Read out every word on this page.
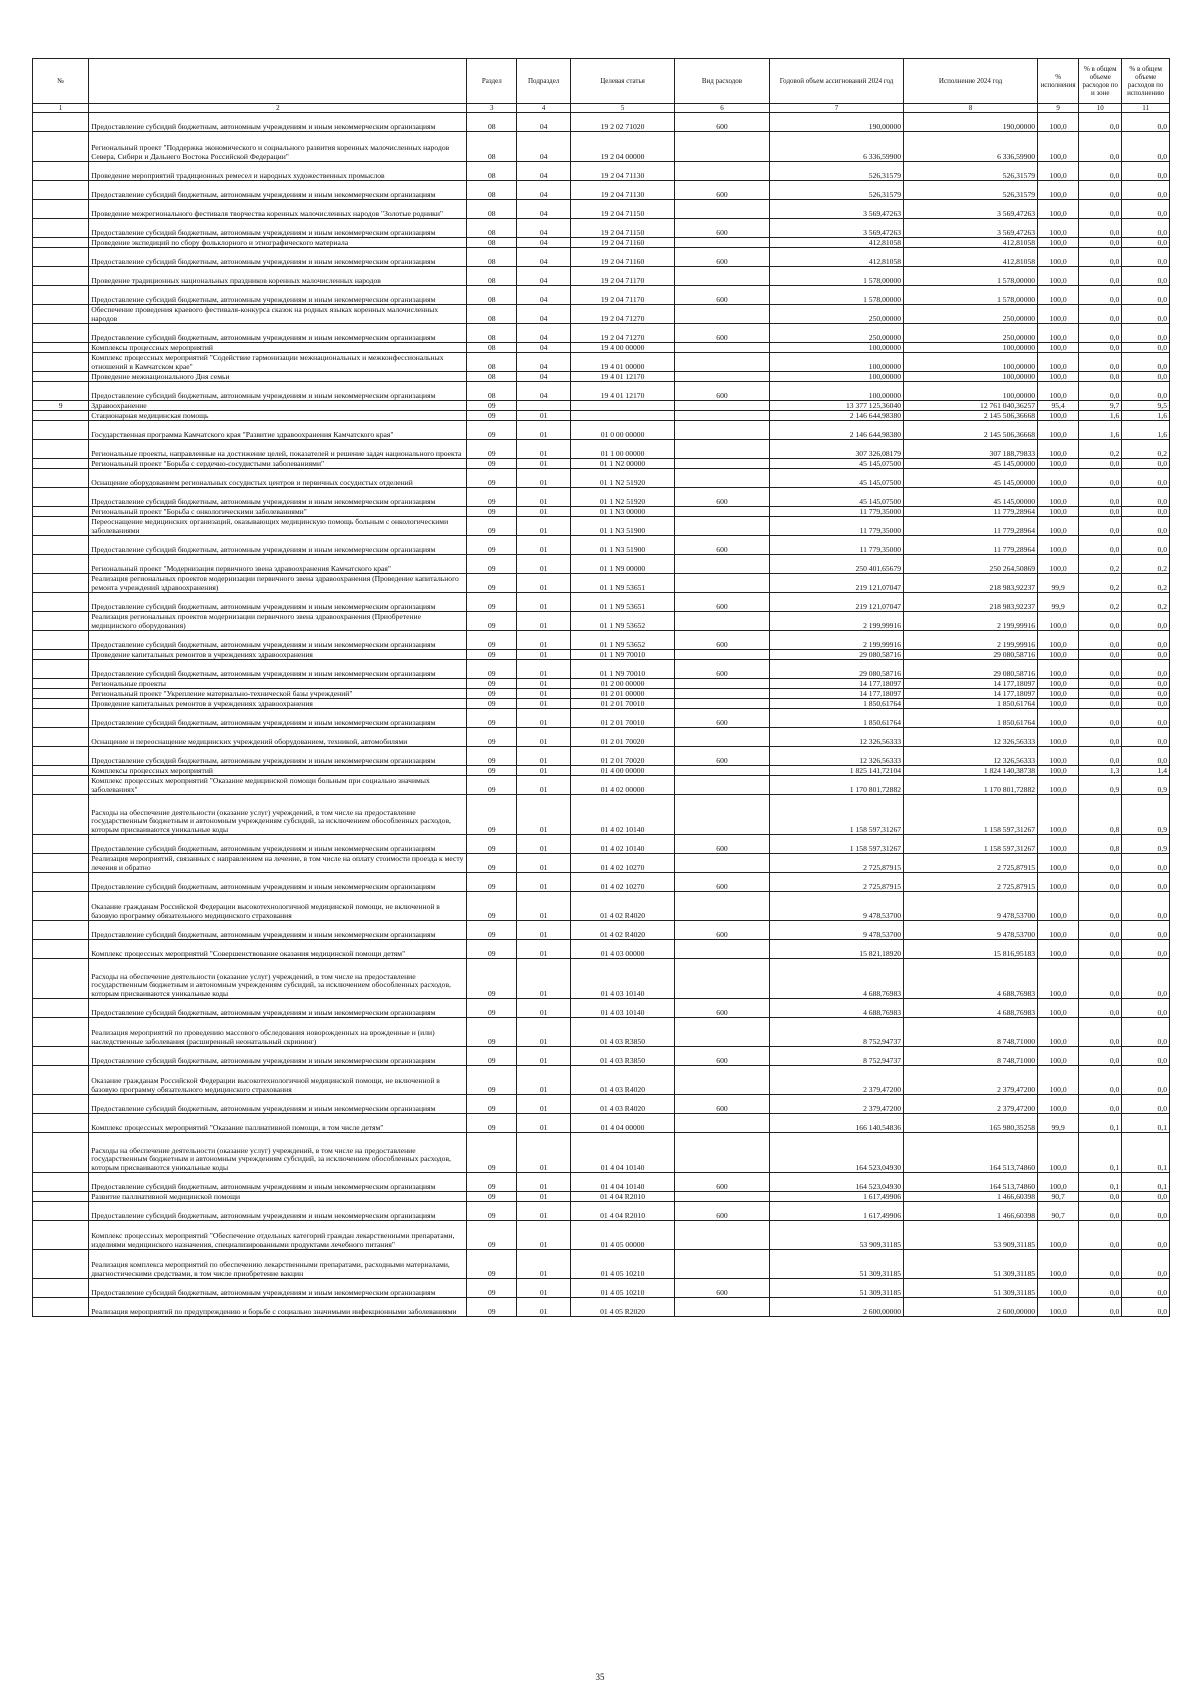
№		Раздел	Подраздел	Целевая статья	Вид расходов	Годовой объем ассигнований 2024 год	Исполнение 2024 год	% исполнения	% в общем объеме расходов по и зоне	% в общем объеме расходов по исполнению
1	2	3	4	5	6	7	8	9	10	11
	Предоставление субсидий бюджетным, автономным учреждениям и иным некоммерческим организациям	08	04	19 2 02 71020	600	190,00000	190,00000	100,0	0,0	0,0
	Региональный проект "Поддержка экономического и социального развития коренных малочисленных народов Севера, Сибири и Дальнего Востока Российской Федерации"	08	04	19 2 04 00000		6 336,59900	6 336,59900	100,0	0,0	0,0
	Проведение мероприятий традиционных ремесел и народных художественных промыслов	08	04	19 2 04 71130		526,31579	526,31579	100,0	0,0	0,0
	Предоставление субсидий бюджетным, автономным учреждениям и иным некоммерческим организациям	08	04	19 2 04 71130	600	526,31579	526,31579	100,0	0,0	0,0
	Проведение межрегионального фестиваля творчества коренных малочисленных народов "Золотые родники"	08	04	19 2 04 71150		3 569,47263	3 569,47263	100,0	0,0	0,0
	Предоставление субсидий бюджетным, автономным учреждениям и иным некоммерческим организациям	08	04	19 2 04 71150	600	3 569,47263	3 569,47263	100,0	0,0	0,0
	Проведение экспедиций по сбору фольклорного и этнографического материала	08	04	19 2 04 71160		412,81058	412,81058	100,0	0,0	0,0
	Предоставление субсидий бюджетным, автономным учреждениям и иным некоммерческим организациям	08	04	19 2 04 71160	600	412,81058	412,81058	100,0	0,0	0,0
	Проведение традиционных национальных праздников коренных малочисленных народов	08	04	19 2 04 71170		1 578,00000	1 578,00000	100,0	0,0	0,0
	Предоставление субсидий бюджетным, автономным учреждениям и иным некоммерческим организациям	08	04	19 2 04 71170	600	1 578,00000	1 578,00000	100,0	0,0	0,0
	Обеспечение проведения краевого фестиваля-конкурса сказок на родных языках коренных малочисленных народов	08	04	19 2 04 71270		250,00000	250,00000	100,0	0,0	0,0
	Предоставление субсидий бюджетным, автономным учреждениям и иным некоммерческим организациям	08	04	19 2 04 71270	600	250,00000	250,00000	100,0	0,0	0,0
	Комплексы процессных мероприятий	08	04	19 4 00 00000		100,00000	100,00000	100,0	0,0	0,0
	Комплекс процессных мероприятий "Содействие гармонизации межнациональных и межконфессиональных отношений в Камчатском крае"	08	04	19 4 01 00000		100,00000	100,00000	100,0	0,0	0,0
	Проведение межнационального Дня семьи	08	04	19 4 01 12170		100,00000	100,00000	100,0	0,0	0,0
	Предоставление субсидий бюджетным, автономным учреждениям и иным некоммерческим организациям	08	04	19 4 01 12170	600	100,00000	100,00000	100,0	0,0	0,0
9	Здравоохранение	09				13 377 125,36040	12 761 040,36257	95,4	9,7	9,5
	Стационарная медицинская помощь	09	01			2 146 644,98380	2 145 506,36668	100,0	1,6	1,6
	Государственная программа Камчатского края "Развитие здравоохранения Камчатского края"	09	01	01 0 00 00000		2 146 644,98380	2 145 506,36668	100,0	1,6	1,6
	Региональные проекты, направленные на достижение целей, показателей и решение задач национального проекта	09	01	01 1 00 00000		307 326,08179	307 188,79833	100,0	0,2	0,2
	Региональный проект "Борьба с сердечно-сосудистыми заболеваниями"	09	01	01 1 N2 00000		45 145,07500	45 145,00000	100,0	0,0	0,0
	Оснащение оборудованием региональных сосудистых центров и первичных сосудистых отделений	09	01	01 1 N2 51920		45 145,07500	45 145,00000	100,0	0,0	0,0
	Предоставление субсидий бюджетным, автономным учреждениям и иным некоммерческим организациям	09	01	01 1 N2 51920	600	45 145,07500	45 145,00000	100,0	0,0	0,0
	Региональный проект "Борьба с онкологическими заболеваниями"	09	01	01 1 N3 00000		11 779,35000	11 779,28964	100,0	0,0	0,0
	Переоснащение медицинских организаций, оказывающих медицинскую помощь больным с онкологическими заболеваниями	09	01	01 1 N3 51900		11 779,35000	11 779,28964	100,0	0,0	0,0
	Предоставление субсидий бюджетным, автономным учреждениям и иным некоммерческим организациям	09	01	01 1 N3 51900	600	11 779,35000	11 779,28964	100,0	0,0	0,0
	Региональный проект "Модернизация первичного звена здравоохранения Камчатского края"	09	01	01 1 N9 00000		250 401,65679	250 264,50869	100,0	0,2	0,2
	Реализация региональных проектов модернизации первичного звена здравоохранения (Проведение капитального ремонта учреждений здравоохранения)	09	01	01 1 N9 53651		219 121,07047	218 983,92237	99,9	0,2	0,2
	Предоставление субсидий бюджетным, автономным учреждениям и иным некоммерческим организациям	09	01	01 1 N9 53651	600	219 121,07047	218 983,92237	99,9	0,2	0,2
	Реализация региональных проектов модернизации первичного звена здравоохранения (Приобретение медицинского оборудования)	09	01	01 1 N9 53652		2 199,99916	2 199,99916	100,0	0,0	0,0
	Предоставление субсидий бюджетным, автономным учреждениям и иным некоммерческим организациям	09	01	01 1 N9 53652	600	2 199,99916	2 199,99916	100,0	0,0	0,0
	Проведение капитальных ремонтов в учреждениях здравоохранения	09	01	01 1 N9 70010		29 080,58716	29 080,58716	100,0	0,0	0,0
	Предоставление субсидий бюджетным, автономным учреждениям и иным некоммерческим организациям	09	01	01 1 N9 70010	600	29 080,58716	29 080,58716	100,0	0,0	0,0
	Региональные проекты	09	01	01 2 00 00000		14 177,18097	14 177,18097	100,0	0,0	0,0
	Региональный проект "Укрепление материально-технической базы учреждений"	09	01	01 2 01 00000		14 177,18097	14 177,18097	100,0	0,0	0,0
	Проведение капитальных ремонтов в учреждениях здравоохранения	09	01	01 2 01 70010		1 850,61764	1 850,61764	100,0	0,0	0,0
	Предоставление субсидий бюджетным, автономным учреждениям и иным некоммерческим организациям	09	01	01 2 01 70010	600	1 850,61764	1 850,61764	100,0	0,0	0,0
	Оснащение и переоснащение медицинских учреждений оборудованием, техникой, автомобилями	09	01	01 2 01 70020		12 326,56333	12 326,56333	100,0	0,0	0,0
	Предоставление субсидий бюджетным, автономным учреждениям и иным некоммерческим организациям	09	01	01 2 01 70020	600	12 326,56333	12 326,56333	100,0	0,0	0,0
	Комплексы процессных мероприятий	09	01	01 4 00 00000		1 825 141,72104	1 824 140,38738	100,0	1,3	1,4
	Комплекс процессных мероприятий "Оказание медицинской помощи больным при социально значимых заболеваниях"	09	01	01 4 02 00000		1 170 801,72882	1 170 801,72882	100,0	0,9	0,9
	Расходы на обеспечение деятельности (оказание услуг) учреждений, в том числе на предоставление государственным бюджетным и автономным учреждениям субсидий, за исключением обособленных расходов, которым присваиваются уникальные коды	09	01	01 4 02 10140		1 158 597,31267	1 158 597,31267	100,0	0,8	0,9
	Предоставление субсидий бюджетным, автономным учреждениям и иным некоммерческим организациям	09	01	01 4 02 10140	600	1 158 597,31267	1 158 597,31267	100,0	0,8	0,9
	Реализация мероприятий, связанных с направлением на лечение, в том числе на оплату стоимости проезда к месту лечения и обратно	09	01	01 4 02 10270		2 725,87915	2 725,87915	100,0	0,0	0,0
	Предоставление субсидий бюджетным, автономным учреждениям и иным некоммерческим организациям	09	01	01 4 02 10270	600	2 725,87915	2 725,87915	100,0	0,0	0,0
	Оказание гражданам Российской Федерации высокотехнологичной медицинской помощи, не включенной в базовую программу обязательного медицинского страхования	09	01	01 4 02 R4020		9 478,53700	9 478,53700	100,0	0,0	0,0
	Предоставление субсидий бюджетным, автономным учреждениям и иным некоммерческим организациям	09	01	01 4 02 R4020	600	9 478,53700	9 478,53700	100,0	0,0	0,0
	Комплекс процессных мероприятий "Совершенствование оказания медицинской помощи детям"	09	01	01 4 03 00000		15 821,18920	15 816,95183	100,0	0,0	0,0
	Расходы на обеспечение деятельности (оказание услуг) учреждений, в том числе на предоставление государственным бюджетным и автономным учреждениям субсидий, за исключением обособленных расходов, которым присваиваются уникальные коды	09	01	01 4 03 10140		4 688,76983	4 688,76983	100,0	0,0	0,0
	Предоставление субсидий бюджетным, автономным учреждениям и иным некоммерческим организациям	09	01	01 4 03 10140	600	4 688,76983	4 688,76983	100,0	0,0	0,0
	Реализация мероприятий по проведению массового обследования новорожденных на врожденные и (или) наследственные заболевания (расширенный неонатальный скрининг)	09	01	01 4 03 R3850		8 752,94737	8 748,71000	100,0	0,0	0,0
	Предоставление субсидий бюджетным, автономным учреждениям и иным некоммерческим организациям	09	01	01 4 03 R3850	600	8 752,94737	8 748,71000	100,0	0,0	0,0
	Оказание гражданам Российской Федерации высокотехнологичной медицинской помощи, не включенной в базовую программу обязательного медицинского страхования	09	01	01 4 03 R4020		2 379,47200	2 379,47200	100,0	0,0	0,0
	Предоставление субсидий бюджетным, автономным учреждениям и иным некоммерческим организациям	09	01	01 4 03 R4020	600	2 379,47200	2 379,47200	100,0	0,0	0,0
	Комплекс процессных мероприятий "Оказание паллиативной помощи, в том числе детям"	09	01	01 4 04 00000		166 140,54836	165 980,35258	99,9	0,1	0,1
	Расходы на обеспечение деятельности (оказание услуг) учреждений, в том числе на предоставление государственным бюджетным и автономным учреждениям субсидий, за исключением обособленных расходов, которым присваиваются уникальные коды	09	01	01 4 04 10140		164 523,04930	164 513,74860	100,0	0,1	0,1
	Предоставление субсидий бюджетным, автономным учреждениям и иным некоммерческим организациям	09	01	01 4 04 10140	600	164 523,04930	164 513,74860	100,0	0,1	0,1
	Развитие паллиативной медицинской помощи	09	01	01 4 04 R2010		1 617,49906	1 466,60398	90,7	0,0	0,0
	Предоставление субсидий бюджетным, автономным учреждениям и иным некоммерческим организациям	09	01	01 4 04 R2010	600	1 617,49906	1 466,60398	90,7	0,0	0,0
	Комплекс процессных мероприятий "Обеспечение отдельных категорий граждан лекарственными препаратами, изделиями медицинского назначения, специализированными продуктами лечебного питания"	09	01	01 4 05 00000		53 909,31185	53 909,31185	100,0	0,0	0,0
	Реализация комплекса мероприятий по обеспечению лекарственными препаратами, расходными материалами, диагностическими средствами, в том числе приобретение вакцин	09	01	01 4 05 10210		51 309,31185	51 309,31185	100,0	0,0	0,0
	Предоставление субсидий бюджетным, автономным учреждениям и иным некоммерческим организациям	09	01	01 4 05 10210	600	51 309,31185	51 309,31185	100,0	0,0	0,0
	Реализация мероприятий по предупреждению и борьбе с социально значимыми инфекционными заболеваниями	09	01	01 4 05 R2020		2 600,00000	2 600,00000	100,0	0,0	0,0
35
